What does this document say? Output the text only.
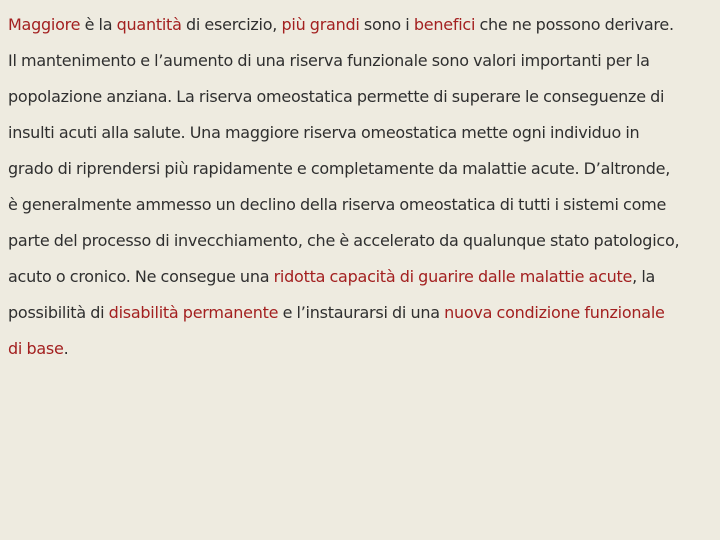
Maggiore è la quantità di esercizio, più grandi sono i benefici che ne possono derivare.
Il mantenimento e l’aumento di una riserva funzionale sono valori importanti per la
popolazione anziana. La riserva omeostatica permette di superare le conseguenze di
insulti acuti alla salute. Una maggiore riserva omeostatica mette ogni individuo in
grado di riprendersi più rapidamente e completamente da malattie acute. D’altronde,
è generalmente ammesso un declino della riserva omeostatica di tutti i sistemi come
parte del processo di invecchiamento, che è accelerato da qualunque stato patologico,
acuto o cronico. Ne consegue una ridotta capacità di guarire dalle malattie acute, la
possibilità di disabilità permanente e l’instaurarsi di una nuova condizione funzionale
di base.
